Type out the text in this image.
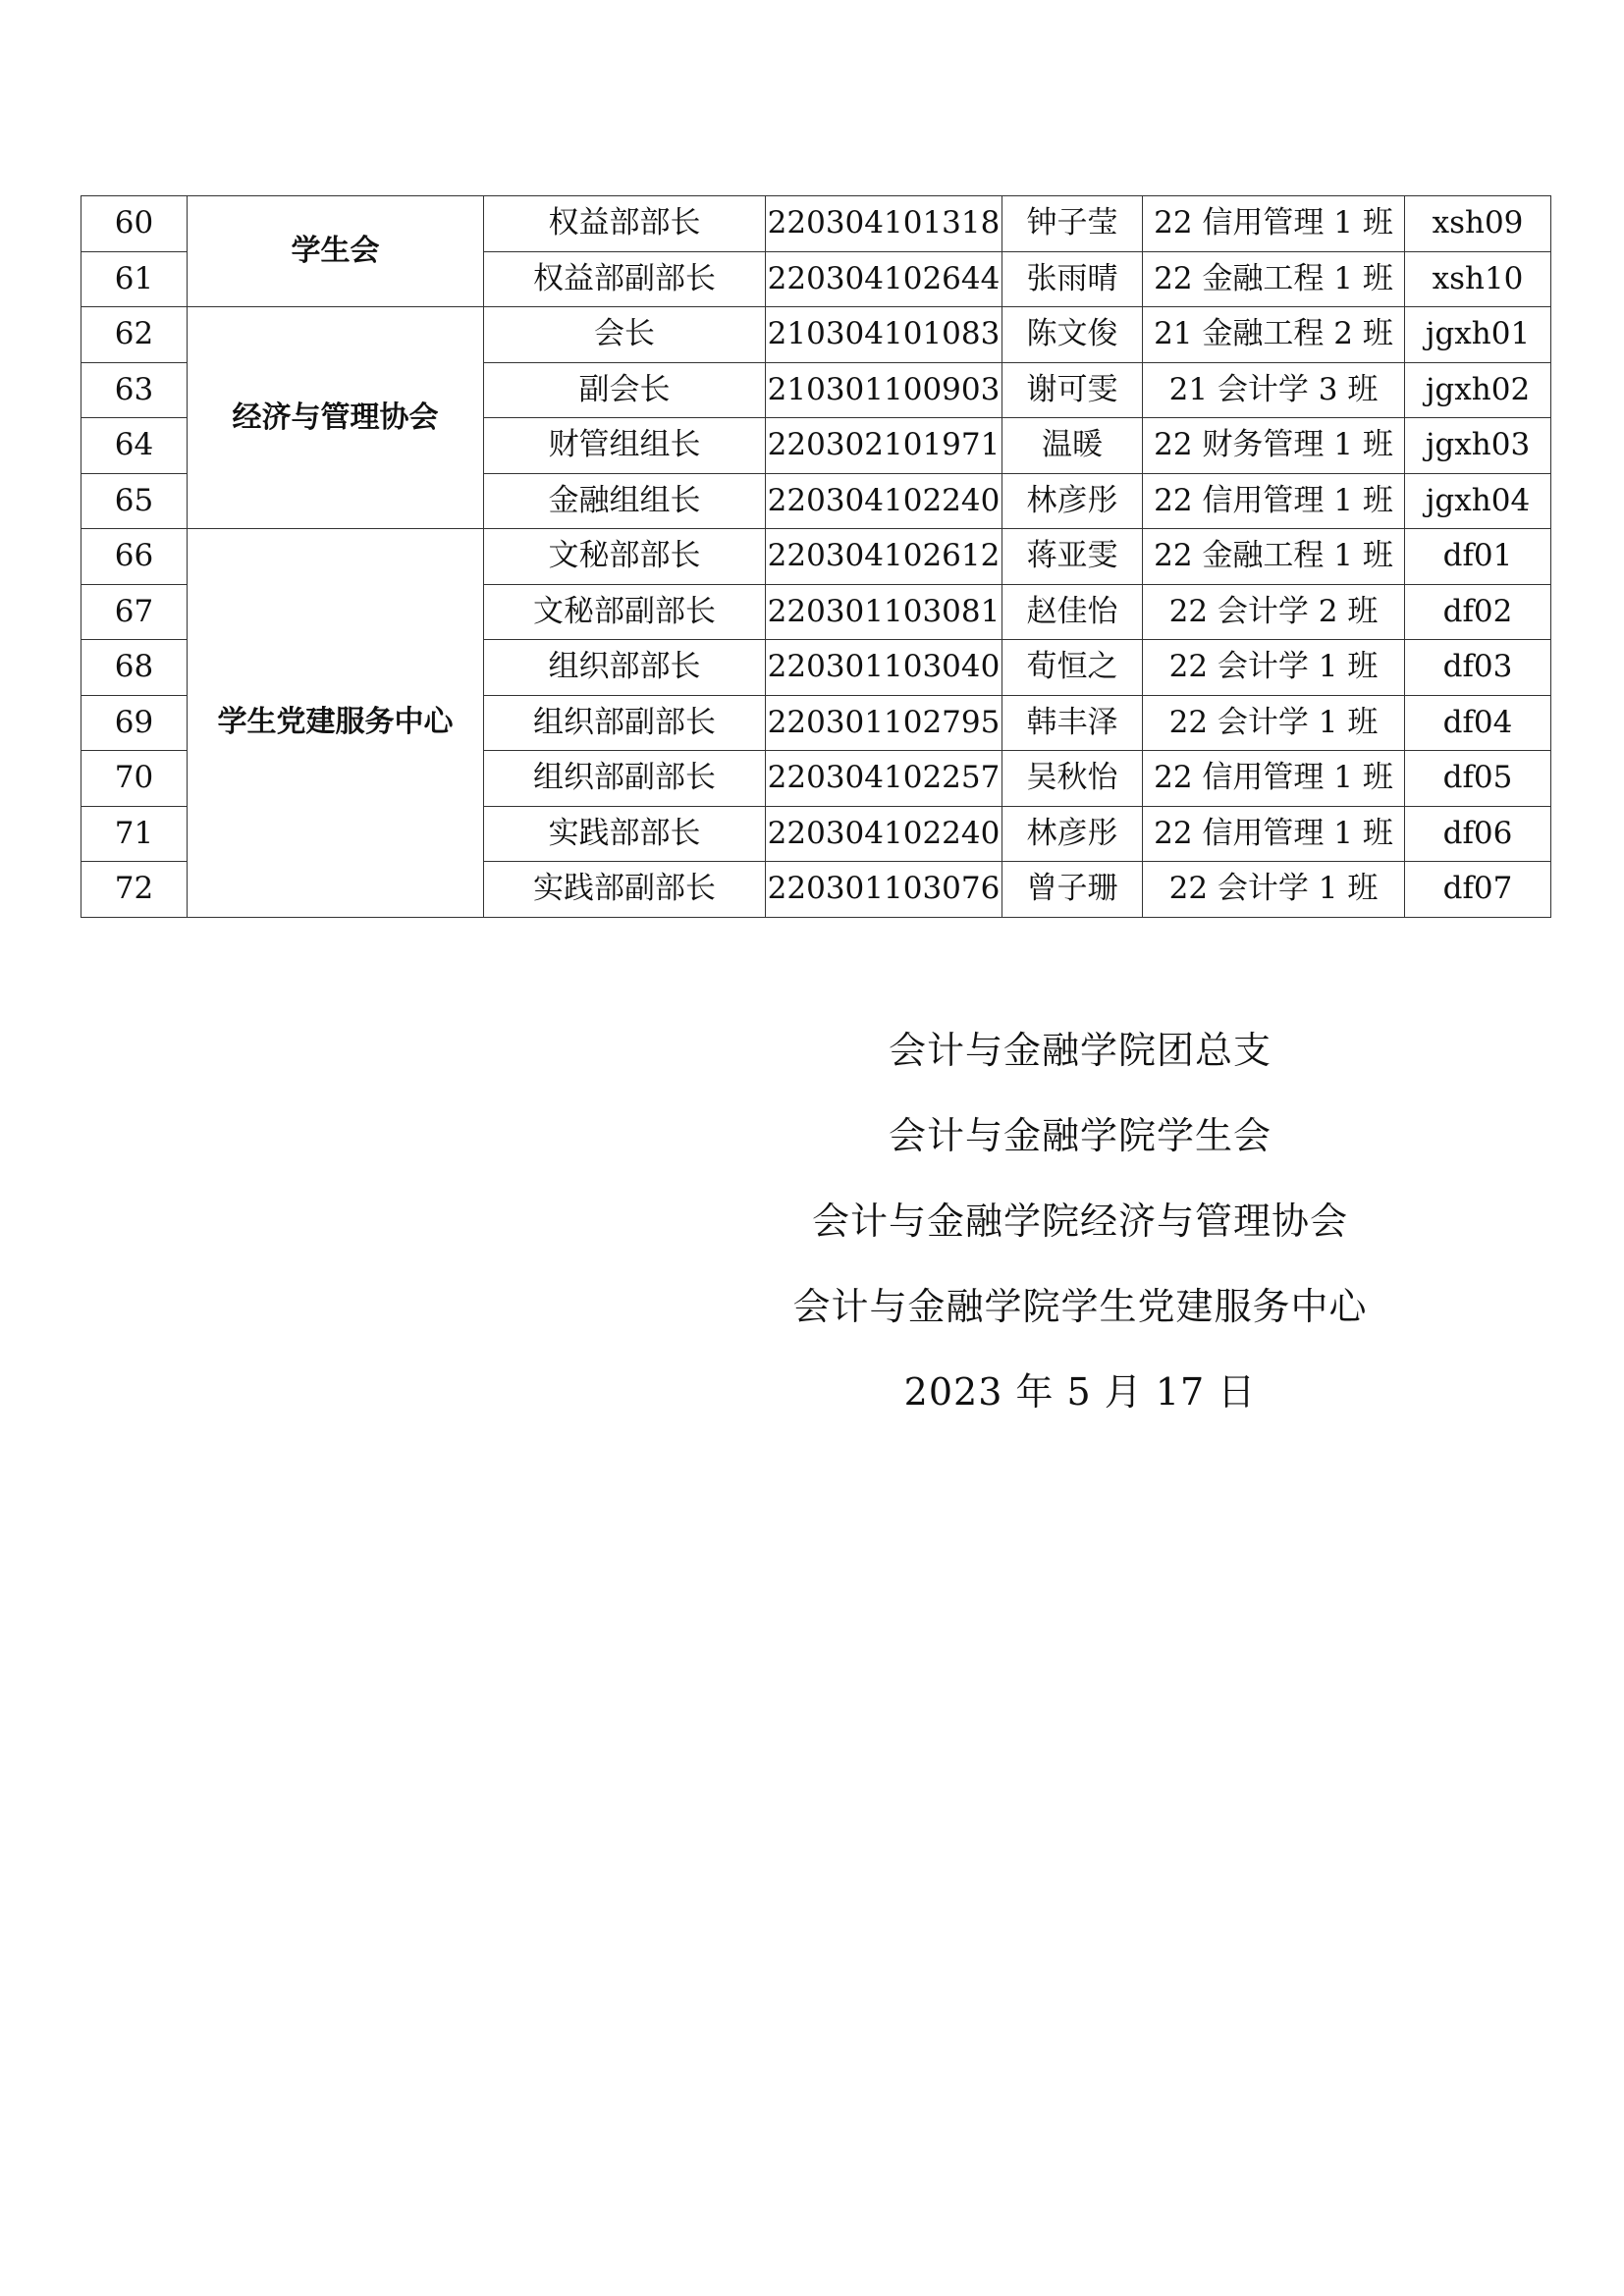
60	学生会	权益部部长	220304101318	钟子莹	22 信用管理 1 班	xsh09
61		权益部副部长	220304102644	张雨晴	22 金融工程 1 班	xsh10
62	经济与管理协会	会长	210304101083	陈文俊	21 金融工程 2 班	jgxh01
63		副会长	210301100903	谢可雯	21 会计学 3 班	jgxh02
64		财管组组长	220302101971	温暖	22 财务管理 1 班	jgxh03
65		金融组组长	220304102240	林彦彤	22 信用管理 1 班	jgxh04
66	学生党建服务中心	文秘部部长	220304102612	蒋亚雯	22 金融工程 1 班	df01
67		文秘部副部长	220301103081	赵佳怡	22 会计学 2 班	df02
68		组织部部长	220301103040	荀恒之	22 会计学 1 班	df03
69		组织部副部长	220301102795	韩丰泽	22 会计学 1 班	df04
70		组织部副部长	220304102257	吴秋怡	22 信用管理 1 班	df05
71		实践部部长	220304102240	林彦彤	22 信用管理 1 班	df06
72		实践部副部长	220301103076	曾子珊	22 会计学 1 班	df07
会计与金融学院团总支
会计与金融学院学生会
会计与金融学院经济与管理协会
会计与金融学院学生党建服务中心
2023 年 5 月 17 日
